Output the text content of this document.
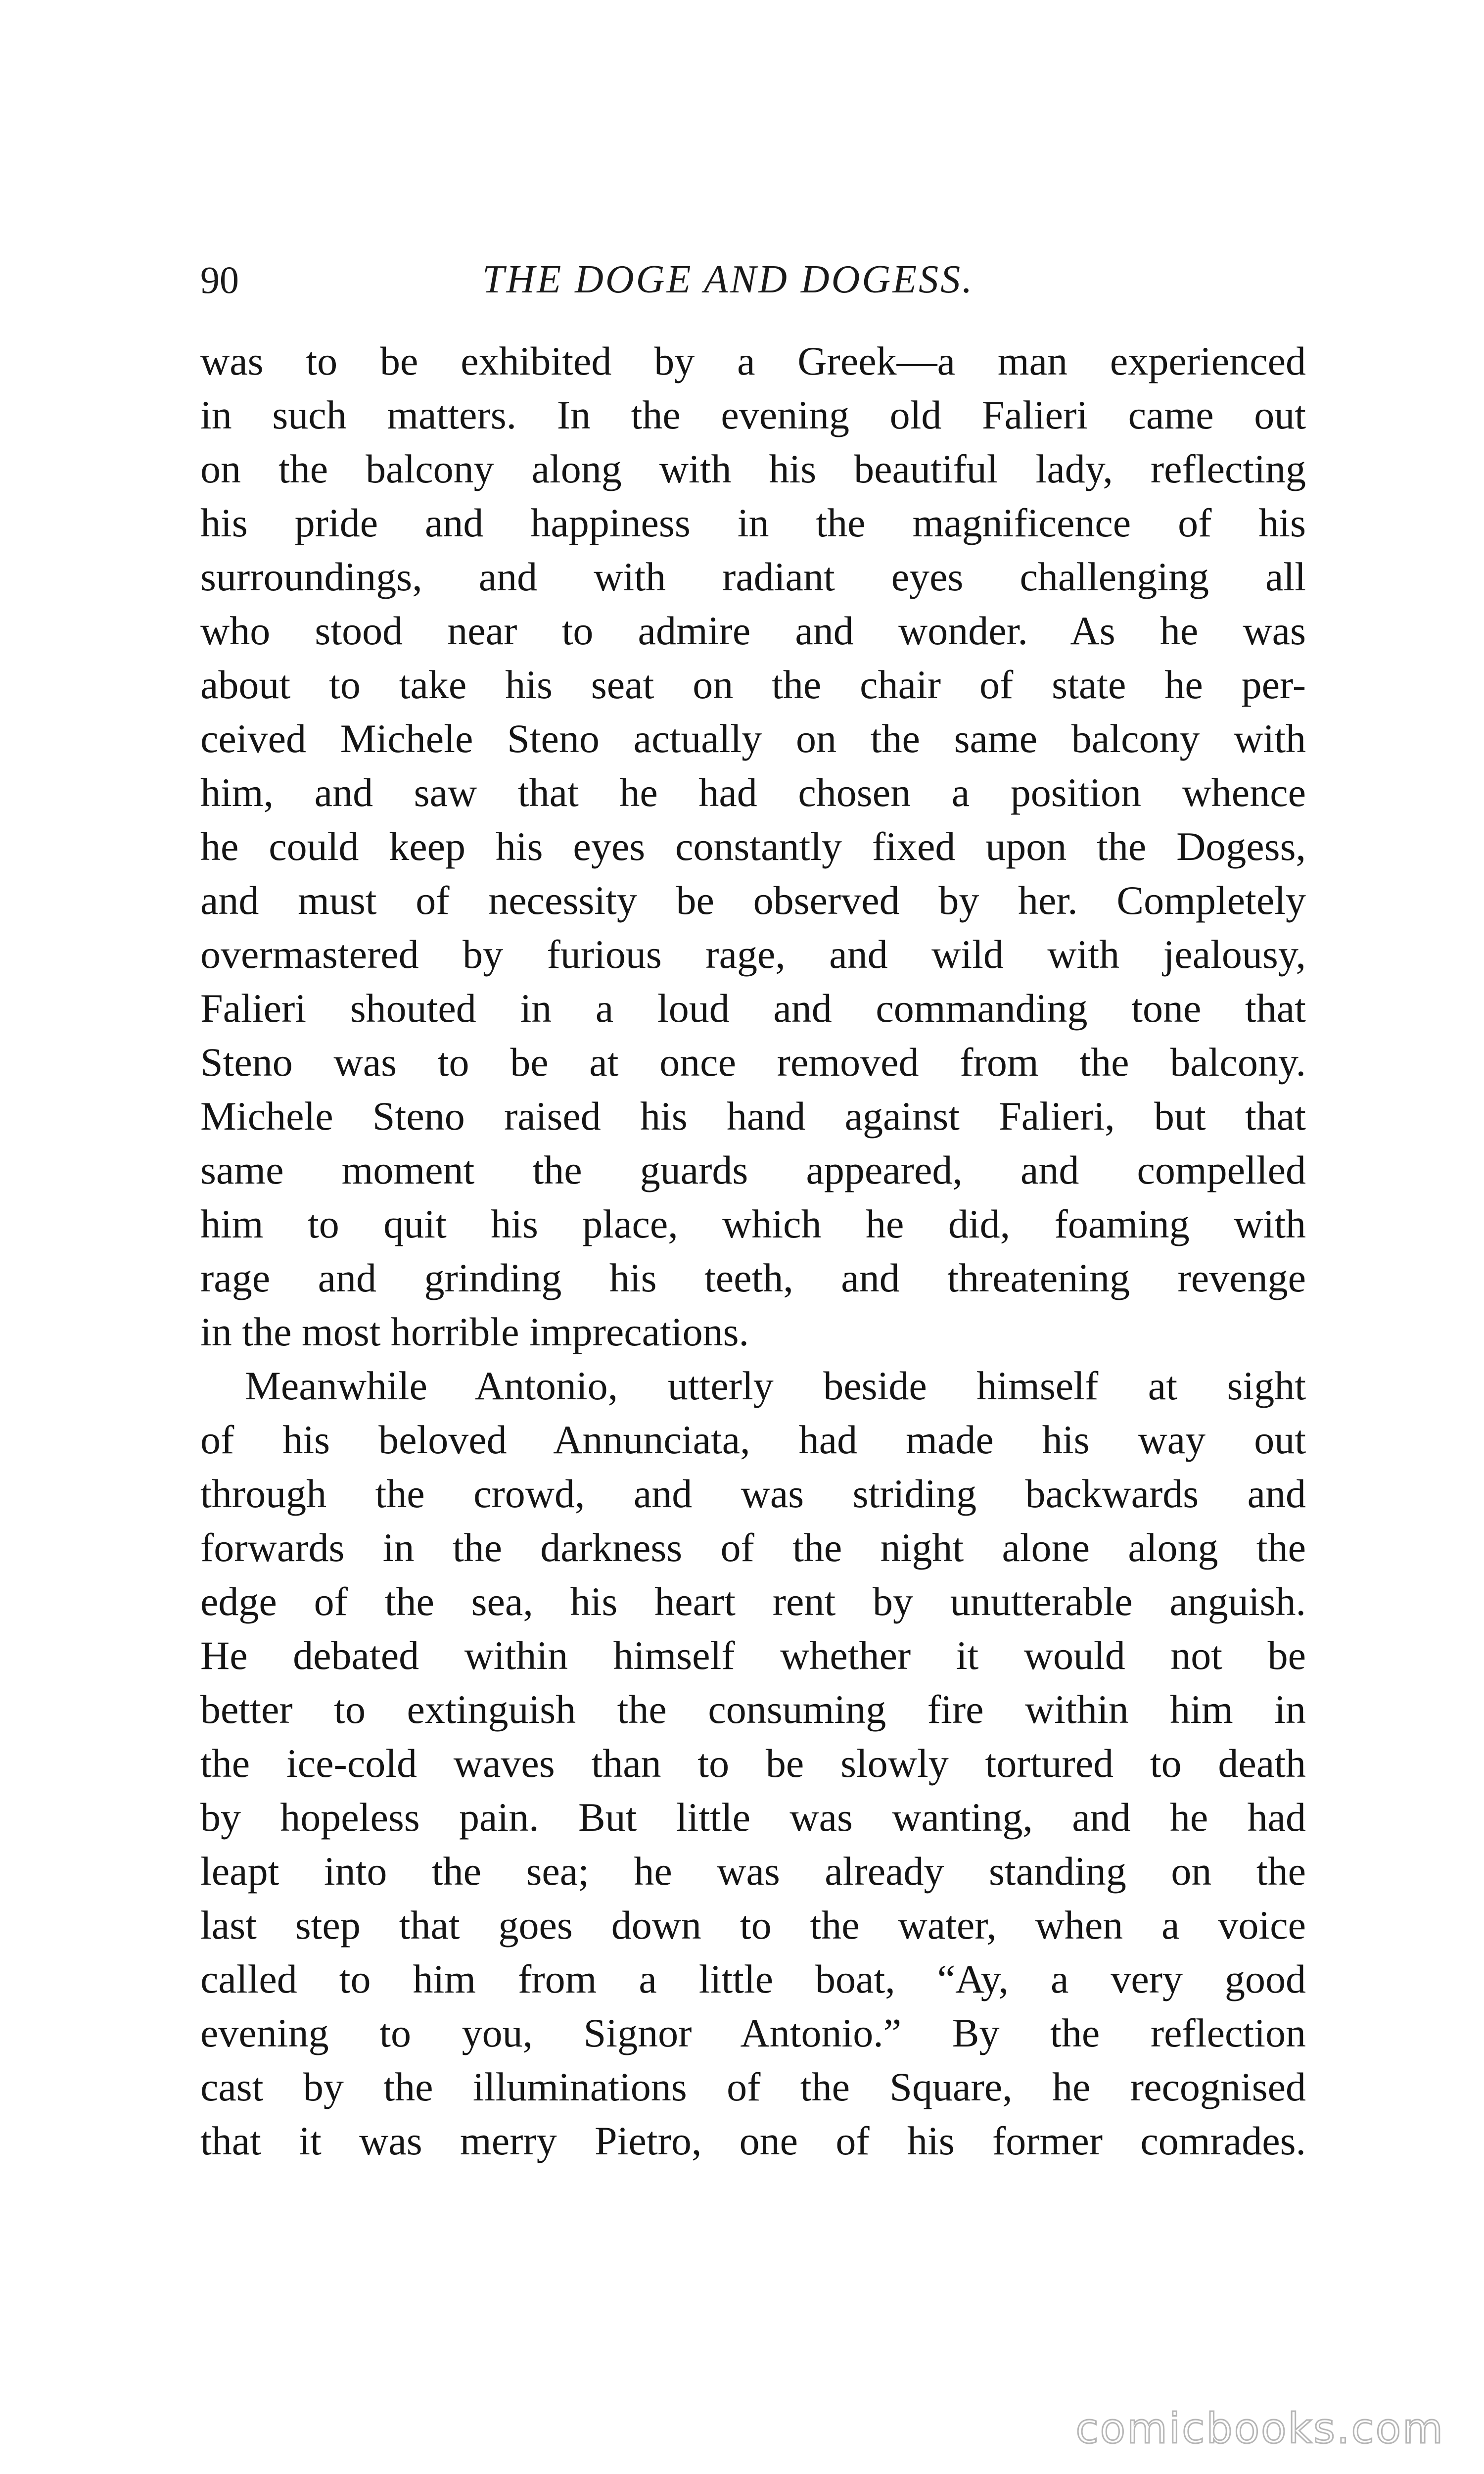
90	THE DOGE AND DOGESS.
was to be exhibited by a Greek—a man experienced
in such matters. In the evening old Falieri came out
on the balcony along with his beautiful lady, reflecting
his pride and happiness in the magnificence of his
surroundings, and with radiant eyes challenging all
who stood near to admire and wonder. As he was
about to take his seat on the chair of state he per-
ceived Michele Steno actually on the same balcony with
him, and saw that he had chosen a position whence
he could keep his eyes constantly fixed upon the Dogess,
and must of necessity be observed by her. Completely
overmastered by furious rage, and wild with jealousy,
Falieri shouted in a loud and commanding tone that
Steno was to be at once removed from the balcony.
Michele Steno raised his hand against Falieri, but that
same moment the guards appeared, and compelled
him to quit his place, which he did, foaming with
rage and grinding his teeth, and threatening revenge
in the most horrible imprecations.
Meanwhile Antonio, utterly beside himself at sight
of his beloved Annunciata, had made his way out
through the crowd, and was striding backwards and
forwards in the darkness of the night alone along the
edge of the sea, his heart rent by unutterable anguish.
He debated within himself whether it would not be
better to extinguish the consuming fire within him in
the ice-cold waves than to be slowly tortured to death
by hopeless pain. But little was wanting, and he had
leapt into the sea; he was already standing on the
last step that goes down to the water, when a voice
called to him from a little boat, “Ay, a very good
evening to you, Signor Antonio.” By the reflection
cast by the illuminations of the Square, he recognised
that it was merry Pietro, one of his former comrades.
comicbooks.com
